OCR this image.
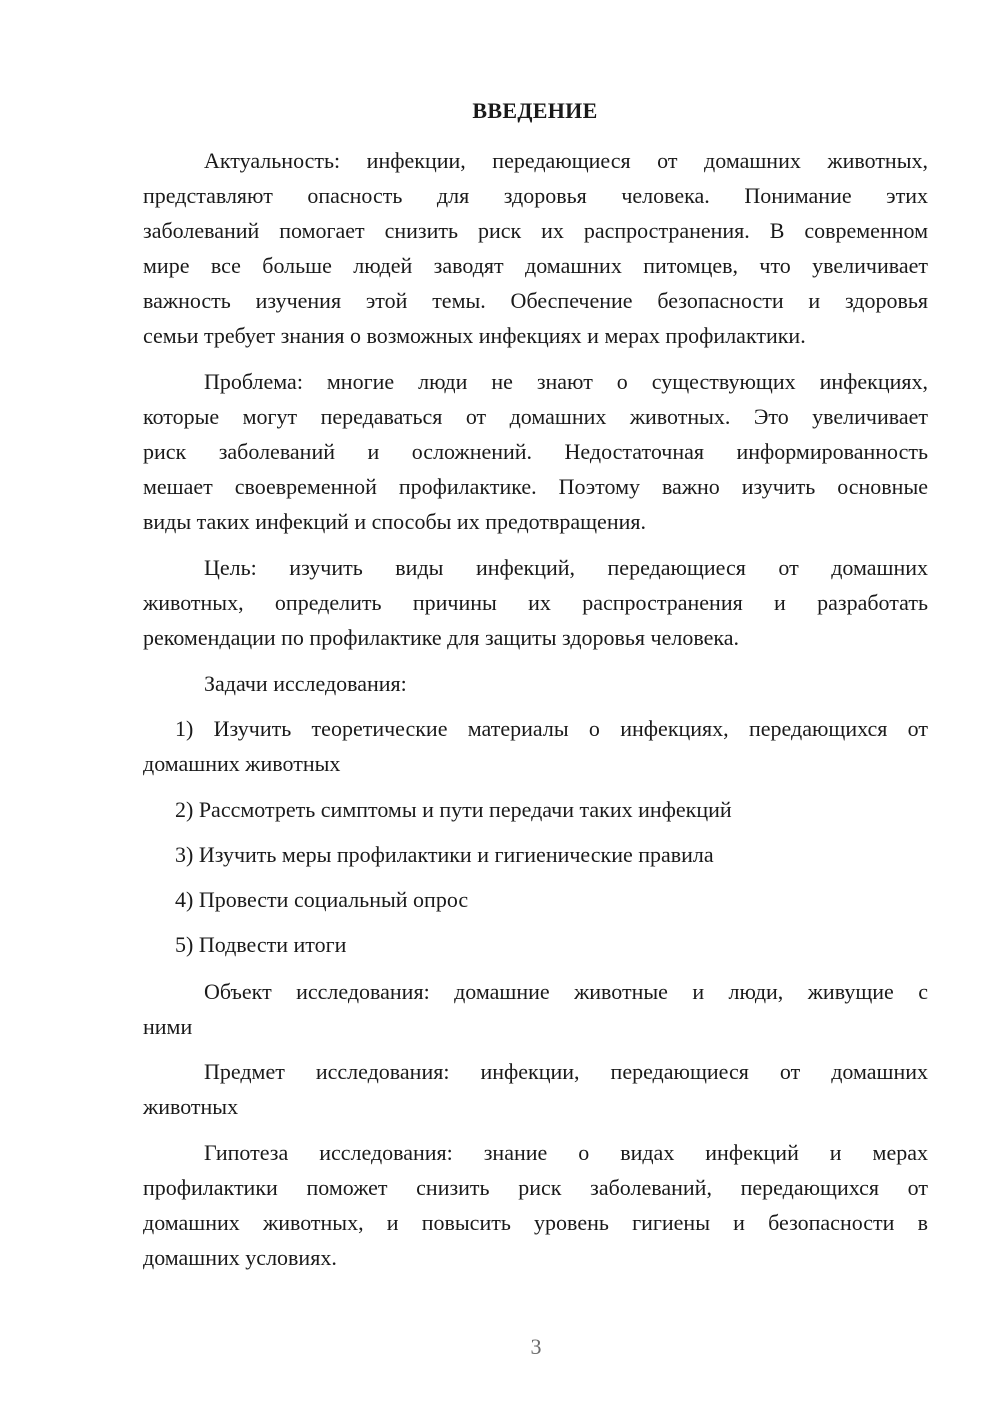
ВВЕДЕНИЕ
Актуальность: инфекции, передающиеся от домашних животных,
представляют опасность для здоровья человека. Понимание этих
заболеваний помогает снизить риск их распространения. В современном
мире все больше людей заводят домашних питомцев, что увеличивает
важность изучения этой темы. Обеспечение безопасности и здоровья
семьи требует знания о возможных инфекциях и мерах профилактики.
Проблема: многие люди не знают о существующих инфекциях,
которые могут передаваться от домашних животных. Это увеличивает
риск заболеваний и осложнений. Недостаточная информированность
мешает своевременной профилактике. Поэтому важно изучить основные
виды таких инфекций и способы их предотвращения.
Цель: изучить виды инфекций, передающиеся от домашних
животных, определить причины их распространения и разработать
рекомендации по профилактике для защиты здоровья человека.
Задачи исследования:
1) Изучить теоретические материалы о инфекциях, передающихся от
домашних животных
2) Рассмотреть симптомы и пути передачи таких инфекций
3) Изучить меры профилактики и гигиенические правила
4) Провести социальный опрос
5) Подвести итоги
Объект исследования: домашние животные и люди, живущие с
ними
Предмет исследования: инфекции, передающиеся от домашних
животных
Гипотеза исследования: знание о видах инфекций и мерах
профилактики поможет снизить риск заболеваний, передающихся от
домашних животных, и повысить уровень гигиены и безопасности в
домашних условиях.
3
